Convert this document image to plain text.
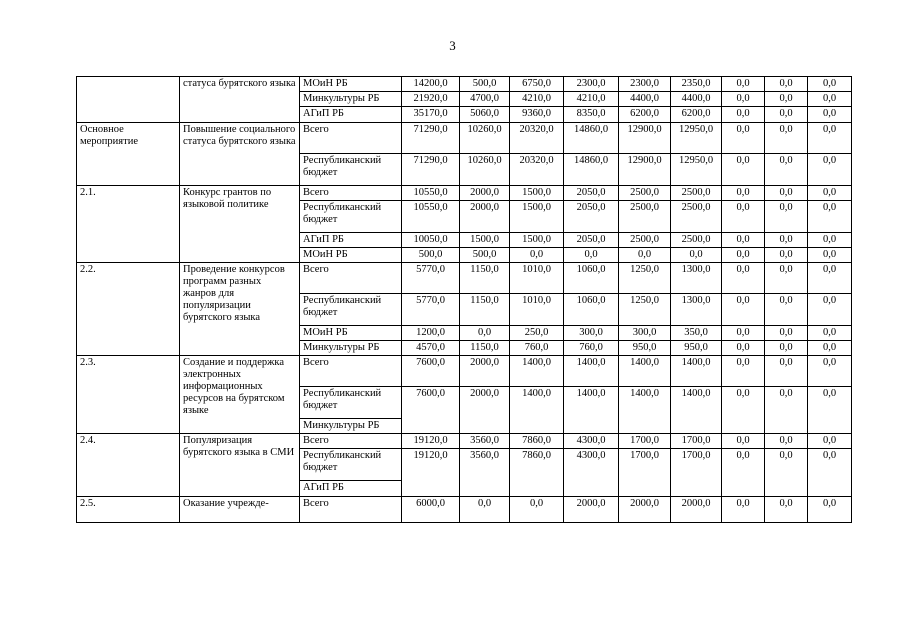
3
	статуса бурятского языка	МОиН РБ	14200,0	500,0	6750,0	2300,0	2300,0	2350,0	0,0	0,0	0,0
		Минкультуры РБ	21920,0	4700,0	4210,0	4210,0	4400,0	4400,0	0,0	0,0	0,0
		АГиП РБ	35170,0	5060,0	9360,0	8350,0	6200,0	6200,0	0,0	0,0	0,0
Основное мероприятие	Повышение социального статуса бурятского языка	Всего	71290,0	10260,0	20320,0	14860,0	12900,0	12950,0	0,0	0,0	0,0
		Республиканский бюджет	71290,0	10260,0	20320,0	14860,0	12900,0	12950,0	0,0	0,0	0,0
2.1.	Конкурс грантов по языковой политике	Всего	10550,0	2000,0	1500,0	2050,0	2500,0	2500,0	0,0	0,0	0,0
		Республиканский бюджет	10550,0	2000,0	1500,0	2050,0	2500,0	2500,0	0,0	0,0	0,0
		АГиП РБ	10050,0	1500,0	1500,0	2050,0	2500,0	2500,0	0,0	0,0	0,0
		МОиН РБ	500,0	500,0	0,0	0,0	0,0	0,0	0,0	0,0	0,0
2.2.	Проведение конкурсов программ разных жанров для популяризации бурятского языка	Всего	5770,0	1150,0	1010,0	1060,0	1250,0	1300,0	0,0	0,0	0,0
		Республиканский бюджет	5770,0	1150,0	1010,0	1060,0	1250,0	1300,0	0,0	0,0	0,0
		МОиН РБ	1200,0	0,0	250,0	300,0	300,0	350,0	0,0	0,0	0,0
		Минкультуры РБ	4570,0	1150,0	760,0	760,0	950,0	950,0	0,0	0,0	0,0
2.3.	Создание и поддержка электронных информационных ресурсов на бурятском языке	Всего	7600,0	2000,0	1400,0	1400,0	1400,0	1400,0	0,0	0,0	0,0
		Республиканский бюджет	7600,0	2000,0	1400,0	1400,0	1400,0	1400,0	0,0	0,0	0,0
		Минкультуры РБ									
2.4.	Популяризация бурятского языка в СМИ	Всего	19120,0	3560,0	7860,0	4300,0	1700,0	1700,0	0,0	0,0	0,0
		Республиканский бюджет	19120,0	3560,0	7860,0	4300,0	1700,0	1700,0	0,0	0,0	0,0
		АГиП РБ									
2.5.	Оказание учрежде-	Всего	6000,0	0,0	0,0	2000,0	2000,0	2000,0	0,0	0,0	0,0
